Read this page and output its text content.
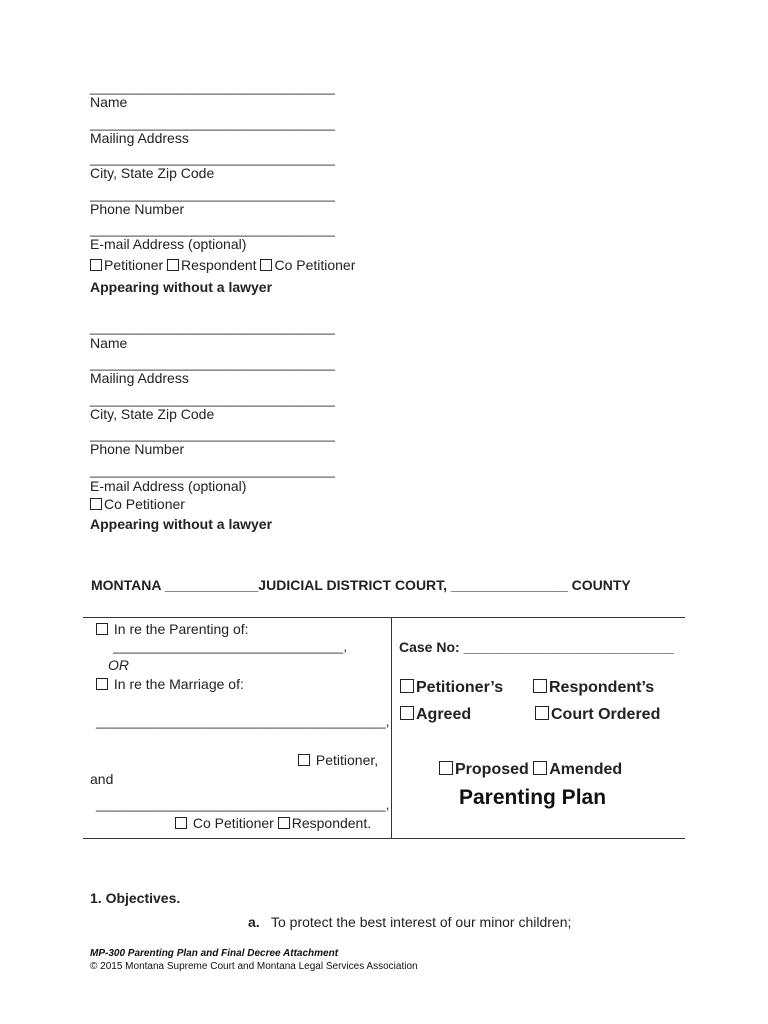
_________________________________
Name
_________________________________
Mailing Address
_________________________________
City, State Zip Code
_________________________________
Phone Number
_________________________________
E-mail Address (optional)
Petitioner Respondent Co Petitioner
Appearing without a lawyer
_________________________________
Name
_________________________________
Mailing Address
_________________________________
City, State Zip Code
_________________________________
Phone Number
_________________________________
E-mail Address (optional)
Co Petitioner
Appearing without a lawyer
MONTANA ____________JUDICIAL DISTRICT COURT, _______________ COUNTY
In re the Parenting of:
_______________________________,
OR
In re the Marriage of:
_______________________________________,
Petitioner,
and
_______________________________________,
Co Petitioner Respondent.
Case No: ___________________________
Petitioner’s	Respondent’s
Agreed	Court Ordered
Proposed Amended
Parenting Plan
1. Objectives.
a. To protect the best interest of our minor children;
MP-300 Parenting Plan and Final Decree Attachment
© 2015 Montana Supreme Court and Montana Legal Services Association
